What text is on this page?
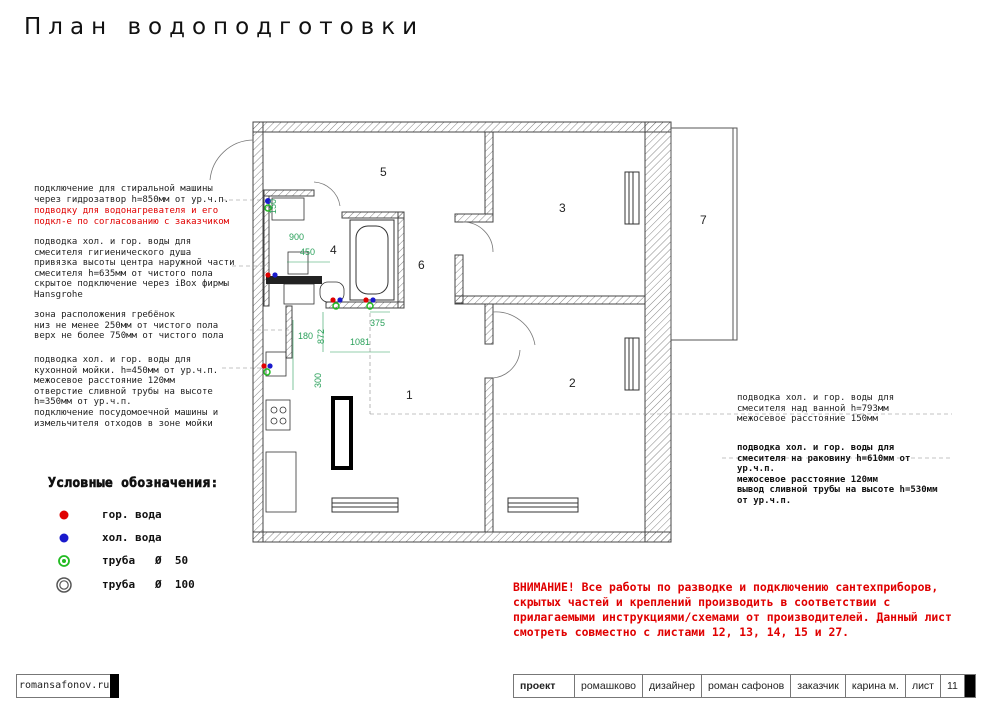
План водоподготовки
5
3
4
6
7
1
2
150
900
450
180 872
300
375
1081
подключение для стиральной машины
через гидрозатвор h=850мм от ур.ч.п.
подводку для водонагревателя и его
подкл-е по согласованию с заказчиком
подводка хол. и гор. воды для
смесителя гигиенического душа
привязка высоты центра наружной части
смесителя h=635мм от чистого пола
скрытое подключение через iBox фирмы
Hansgrohe
зона расположения гребёнок
низ не менее 250мм от чистого пола
верх не более 750мм от чистого пола
подводка хол. и гор. воды для
кухонной мойки. h=450мм от ур.ч.п.
межосевое расстояние 120мм
отверстие сливной трубы на высоте
h=350мм от ур.ч.п.
подключение посудомоечной машины и
измельчителя отходов в зоне мойки
подводка хол. и гор. воды для
смесителя над ванной h=793мм
межосевое расстояние 150мм
подводка хол. и гор. воды для
смесителя на раковину h=610мм от
ур.ч.п.
межосевое расстояние 120мм
вывод сливной трубы на высоте h=530мм
от ур.ч.п.
Условные обозначения:
гор. вода
хол. вода
труба   Ø  50
труба   Ø  100	ВНИМАНИЕ! Все работы по разводке и подключению сантехприборов, скрытых частей и креплений производить в соответствии с прилагаемыми инструкциями/схемами от производителей. Данный лист смотреть совместно с листами 12, 13, 14, 15 и 27.
romansafonov.ru	проект	ромашково	дизайнер	роман сафонов	заказчик	карина м.	лист	11
